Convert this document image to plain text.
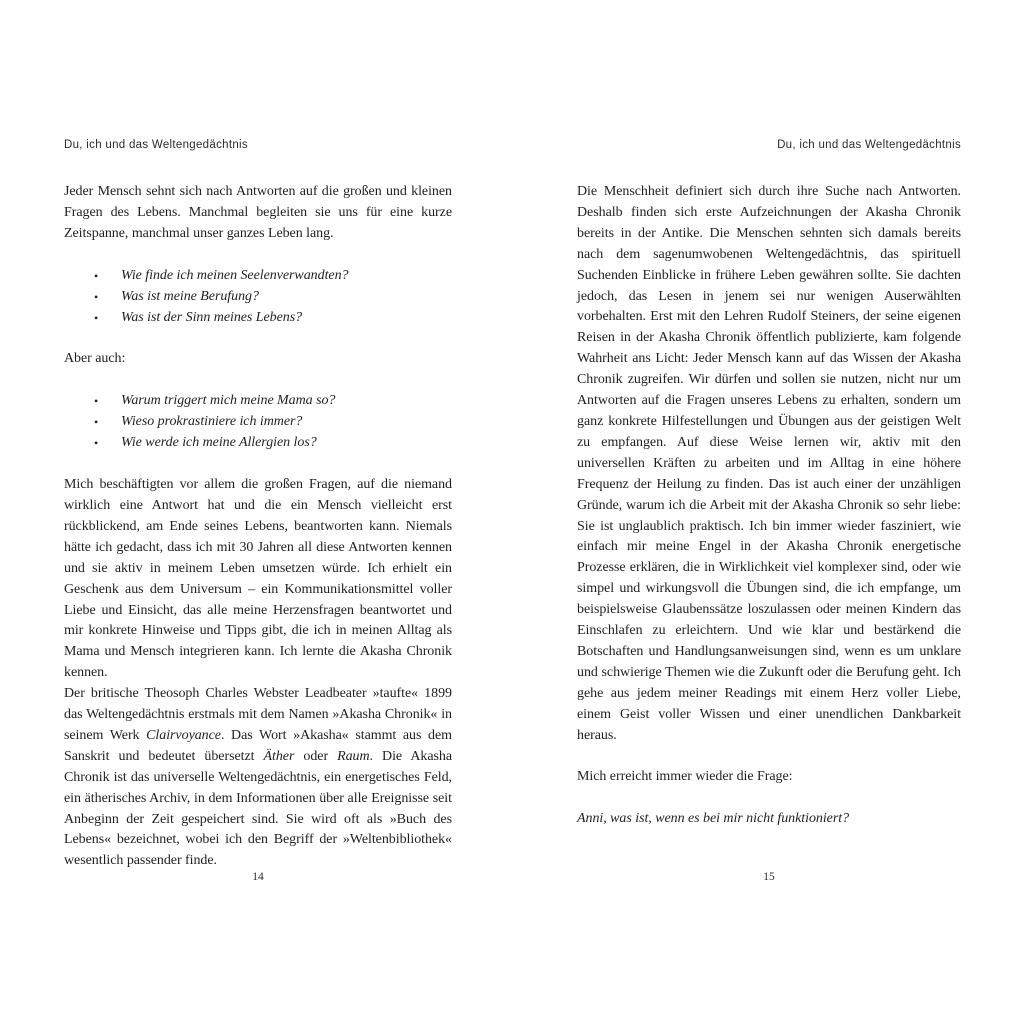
Du, ich und das Weltengedächtnis

Jeder Mensch sehnt sich nach Antworten auf die großen und kleinen Fragen des Lebens. Manchmal begleiten sie uns für eine kurze Zeitspanne, manchmal unser ganzes Leben lang.

• Wie finde ich meinen Seelenverwandten?
• Was ist meine Berufung?
• Was ist der Sinn meines Lebens?

Aber auch:

• Warum triggert mich meine Mama so?
• Wieso prokrastiniere ich immer?
• Wie werde ich meine Allergien los?

Mich beschäftigten vor allem die großen Fragen, auf die niemand wirklich eine Antwort hat und die ein Mensch vielleicht erst rückblickend, am Ende seines Lebens, beantworten kann. Niemals hätte ich gedacht, dass ich mit 30 Jahren all diese Antworten kennen und sie aktiv in meinem Leben umsetzen würde. Ich erhielt ein Geschenk aus dem Universum – ein Kommunikationsmittel voller Liebe und Einsicht, das alle meine Herzensfragen beantwortet und mir konkrete Hinweise und Tipps gibt, die ich in meinen Alltag als Mama und Mensch integrieren kann. Ich lernte die Akasha Chronik kennen.

Der britische Theosoph Charles Webster Leadbeater »taufte« 1899 das Weltengedächtnis erstmals mit dem Namen »Akasha Chronik« in seinem Werk Clairvoyance. Das Wort »Akasha« stammt aus dem Sanskrit und bedeutet übersetzt Äther oder Raum. Die Akasha Chronik ist das universelle Weltengedächtnis, ein energetisches Feld, ein ätherisches Archiv, in dem Informationen über alle Ereignisse seit Anbeginn der Zeit gespeichert sind. Sie wird oft als »Buch des Lebens« bezeichnet, wobei ich den Begriff der »Weltenbibliothek« wesentlich passender finde.

14
Du, ich und das Weltengedächtnis

Die Menschheit definiert sich durch ihre Suche nach Antworten. Deshalb finden sich erste Aufzeichnungen der Akasha Chronik bereits in der Antike. Die Menschen sehnten sich damals bereits nach dem sagenumwobenen Weltengedächtnis, das spirituell Suchenden Einblicke in frühere Leben gewähren sollte. Sie dachten jedoch, das Lesen in jenem sei nur wenigen Auserwählten vorbehalten. Erst mit den Lehren Rudolf Steiners, der seine eigenen Reisen in der Akasha Chronik öffentlich publizierte, kam folgende Wahrheit ans Licht: Jeder Mensch kann auf das Wissen der Akasha Chronik zugreifen. Wir dürfen und sollen sie nutzen, nicht nur um Antworten auf die Fragen unseres Lebens zu erhalten, sondern um ganz konkrete Hilfestellungen und Übungen aus der geistigen Welt zu empfangen. Auf diese Weise lernen wir, aktiv mit den universellen Kräften zu arbeiten und im Alltag in eine höhere Frequenz der Heilung zu finden. Das ist auch einer der unzähligen Gründe, warum ich die Arbeit mit der Akasha Chronik so sehr liebe: Sie ist unglaublich praktisch. Ich bin immer wieder fasziniert, wie einfach mir meine Engel in der Akasha Chronik energetische Prozesse erklären, die in Wirklichkeit viel komplexer sind, oder wie simpel und wirkungsvoll die Übungen sind, die ich empfange, um beispielsweise Glaubenssätze loszulassen oder meinen Kindern das Einschlafen zu erleichtern. Und wie klar und bestärkend die Botschaften und Handlungsanweisungen sind, wenn es um unklare und schwierige Themen wie die Zukunft oder die Berufung geht. Ich gehe aus jedem meiner Readings mit einem Herz voller Liebe, einem Geist voller Wissen und einer unendlichen Dankbarkeit heraus.

Mich erreicht immer wieder die Frage:

Anni, was ist, wenn es bei mir nicht funktioniert?

15
